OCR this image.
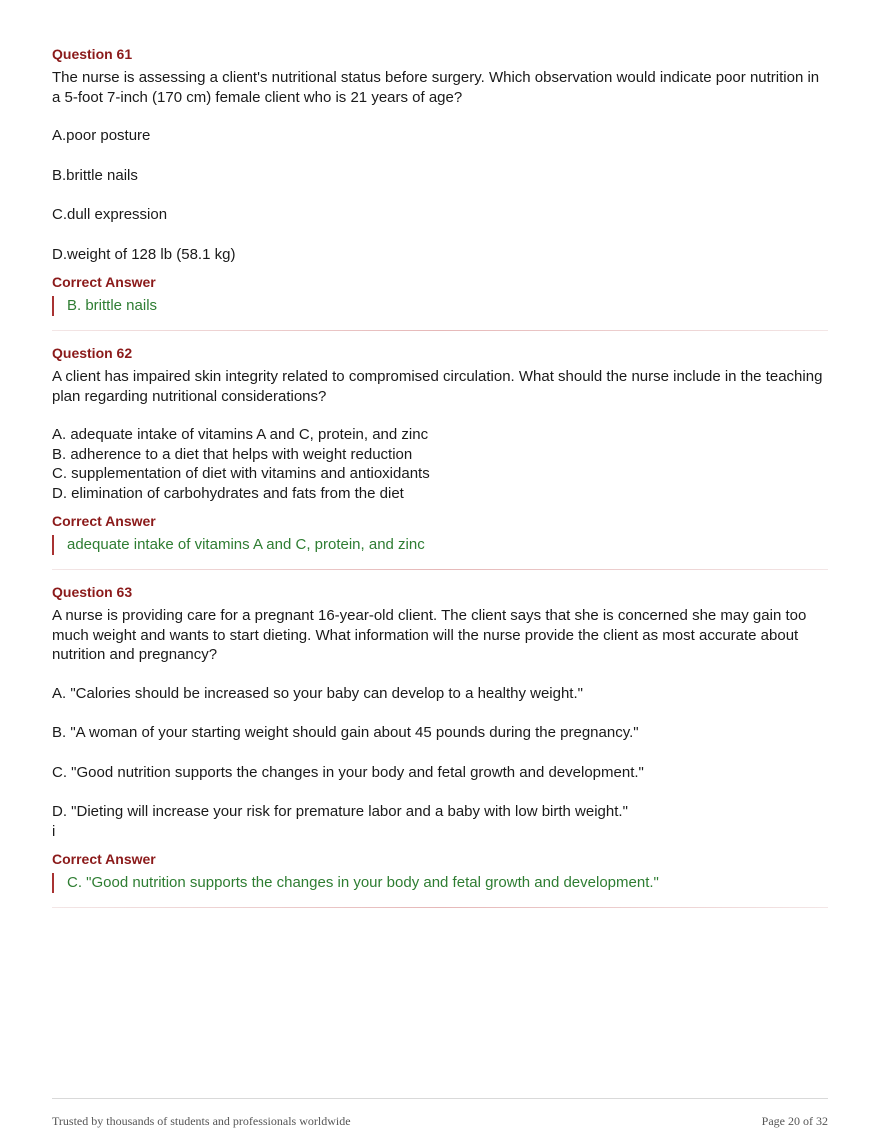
Question 61

The nurse is assessing a client's nutritional status before surgery. Which observation would indicate poor nutrition in a 5-foot 7-inch (170 cm) female client who is 21 years of age?

A.poor posture
B.brittle nails
C.dull expression
D.weight of 128 lb (58.1 kg)
Correct Answer
B. brittle nails
Question 62

A client has impaired skin integrity related to compromised circulation. What should the nurse include in the teaching plan regarding nutritional considerations?

A. adequate intake of vitamins A and C, protein, and zinc
B. adherence to a diet that helps with weight reduction
C. supplementation of diet with vitamins and antioxidants
D. elimination of carbohydrates and fats from the diet
Correct Answer
adequate intake of vitamins A and C, protein, and zinc
Question 63

A nurse is providing care for a pregnant 16-year-old client. The client says that she is concerned she may gain too much weight and wants to start dieting. What information will the nurse provide the client as most accurate about nutrition and pregnancy?

A. "Calories should be increased so your baby can develop to a healthy weight."
B. "A woman of your starting weight should gain about 45 pounds during the pregnancy."
C. "Good nutrition supports the changes in your body and fetal growth and development."
D. "Dieting will increase your risk for premature labor and a baby with low birth weight."
i
Correct Answer
C. "Good nutrition supports the changes in your body and fetal growth and development."
Trusted by thousands of students and professionals worldwide	Page 20 of 32
